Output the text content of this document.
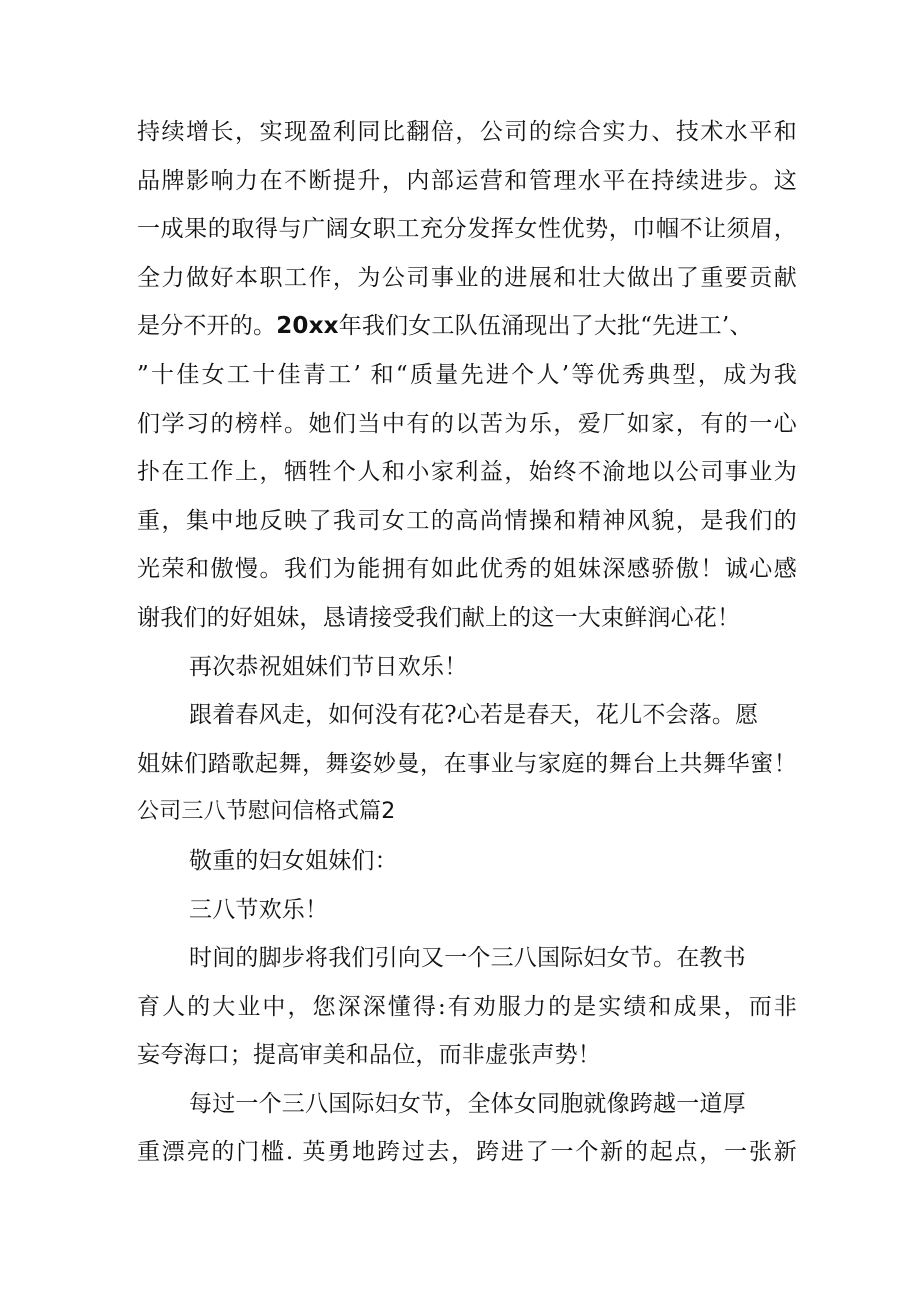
持续增长，实现盈利同比翻倍，公司的综合实力、技术水平和
品牌影响力在不断提升，内部运营和管理水平在持续进步。这
一成果的取得与广阔女职工充分发挥女性优势，巾帼不让须眉，
全力做好本职工作，为公司事业的进展和壮大做出了重要贡献
是分不开的。20xx年我们女工队伍涌现出了大批“先进工’、
”十佳女工十佳青工’ 和“质量先进个人’等优秀典型，成为我
们学习的榜样。她们当中有的以苦为乐，爱厂如家，有的一心
扑在工作上，牺牲个人和小家利益，始终不渝地以公司事业为
重，集中地反映了我司女工的高尚情操和精神风貌，是我们的
光荣和傲慢。我们为能拥有如此优秀的姐妹深感骄傲！诚心感
谢我们的好姐妹，恳请接受我们献上的这一大束鲜润心花！
再次恭祝姐妹们节日欢乐！
跟着春风走，如何没有花?心若是春天，花儿不会落。愿
姐妹们踏歌起舞，舞姿妙曼，在事业与家庭的舞台上共舞华蜜！
公司三八节慰问信格式篇2
敬重的妇女姐妹们：
三八节欢乐！
时间的脚步将我们引向又一个三八国际妇女节。在教书
育人的大业中，您深深懂得:有劝服力的是实绩和成果，而非
妄夸海口；提高审美和品位，而非虚张声势！
每过一个三八国际妇女节，全体女同胞就像跨越一道厚
重漂亮的门槛. 英勇地跨过去，跨进了一个新的起点，一张新
